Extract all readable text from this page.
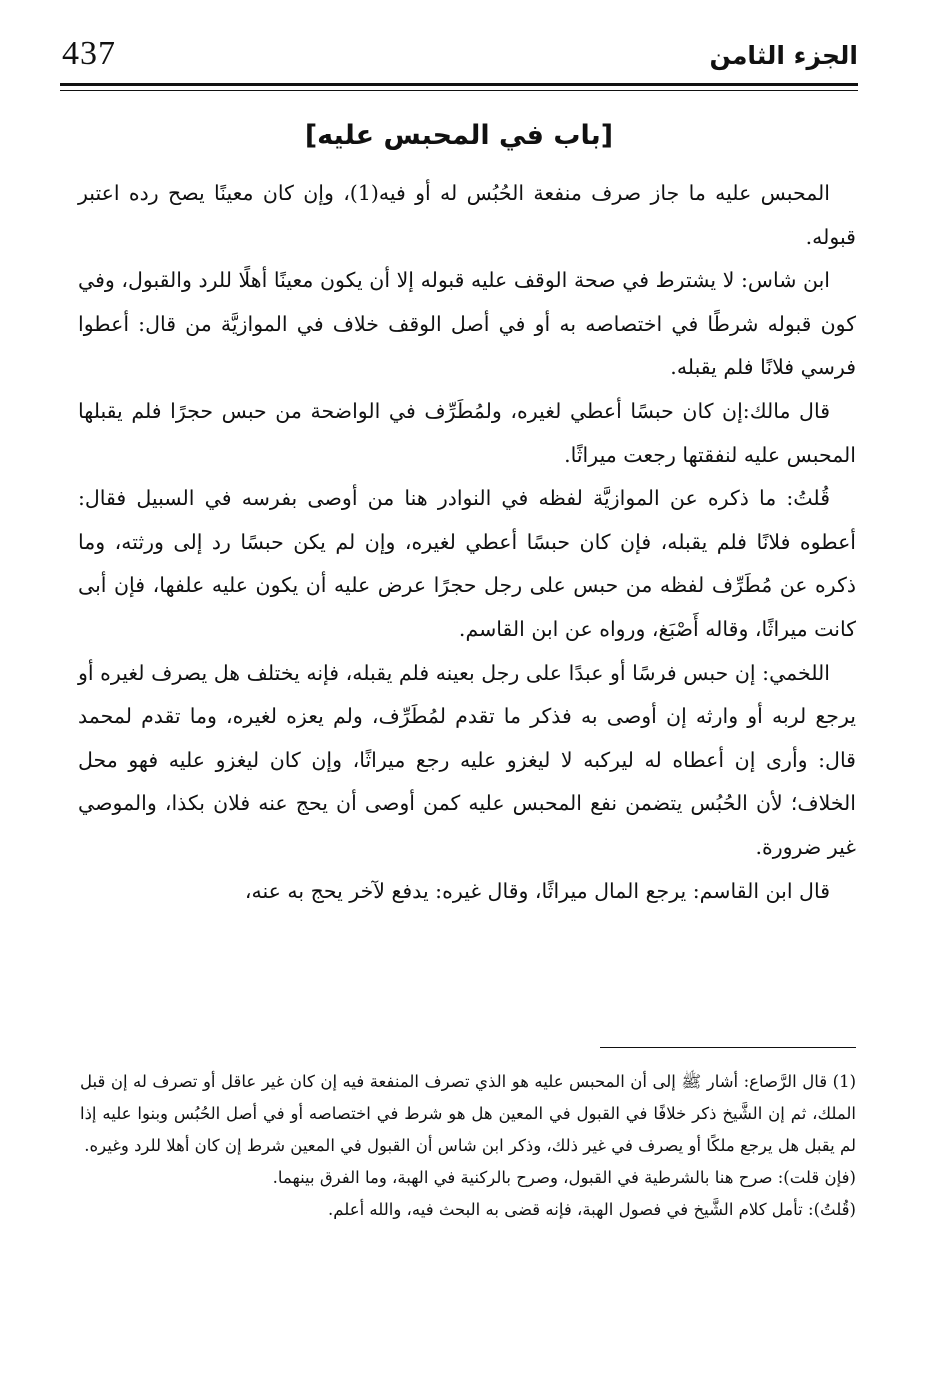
437	الجزء الثامن
[باب في المحبس عليه]

المحبس عليه ما جاز صرف منفعة الحُبُس له أو فيه(1)، وإن كان معينًا يصح رده اعتبر قبوله.

ابن شاس: لا يشترط في صحة الوقف عليه قبوله إلا أن يكون معينًا أهلًا للرد والقبول، وفي كون قبوله شرطًا في اختصاصه به أو في أصل الوقف خلاف في الموازيَّة من قال: أعطوا فرسي فلانًا فلم يقبله.

قال مالك:إن كان حبسًا أعطي لغيره، ولمُطَرِّف في الواضحة من حبس حجرًا فلم يقبلها المحبس عليه لنفقتها رجعت ميراثًا.

قُلتُ: ما ذكره عن الموازيَّة لفظه في النوادر هنا من أوصى بفرسه في السبيل فقال: أعطوه فلانًا فلم يقبله، فإن كان حبسًا أعطي لغيره، وإن لم يكن حبسًا رد إلى ورثته، وما ذكره عن مُطَرِّف لفظه من حبس على رجل حجرًا عرض عليه أن يكون عليه علفها، فإن أبى كانت ميراثًا، وقاله أَصْبَغ، ورواه عن ابن القاسم.

اللخمي: إن حبس فرسًا أو عبدًا على رجل بعينه فلم يقبله، فإنه يختلف هل يصرف لغيره أو يرجع لربه أو وارثه إن أوصى به فذكر ما تقدم لمُطَرِّف، ولم يعزه لغيره، وما تقدم لمحمد قال: وأرى إن أعطاه له ليركبه لا ليغزو عليه رجع ميراثًا، وإن كان ليغزو عليه فهو محل الخلاف؛ لأن الحُبُس يتضمن نفع المحبس عليه كمن أوصى أن يحج عنه فلان بكذا، والموصي غير ضرورة.

قال ابن القاسم: يرجع المال ميراثًا، وقال غيره: يدفع لآخر يحج به عنه،

(1) قال الرَّصاع: أشار ﷺ إلى أن المحبس عليه هو الذي تصرف المنفعة فيه إن كان غير عاقل أو تصرف له إن قبل الملك، ثم إن الشَّيخ ذكر خلافًا في القبول في المعين هل هو شرط في اختصاصه أو في أصل الحُبُس وبنوا عليه إذا لم يقبل هل يرجع ملكًا أو يصرف في غير ذلك، وذكر ابن شاس أن القبول في المعين شرط إن كان أهلا للرد وغيره.

(فإن قلت): صرح هنا بالشرطية في القبول، وصرح بالركنية في الهبة، وما الفرق بينهما.

(قُلتُ): تأمل كلام الشَّيخ في فصول الهبة، فإنه قضى به البحث فيه، والله أعلم.
